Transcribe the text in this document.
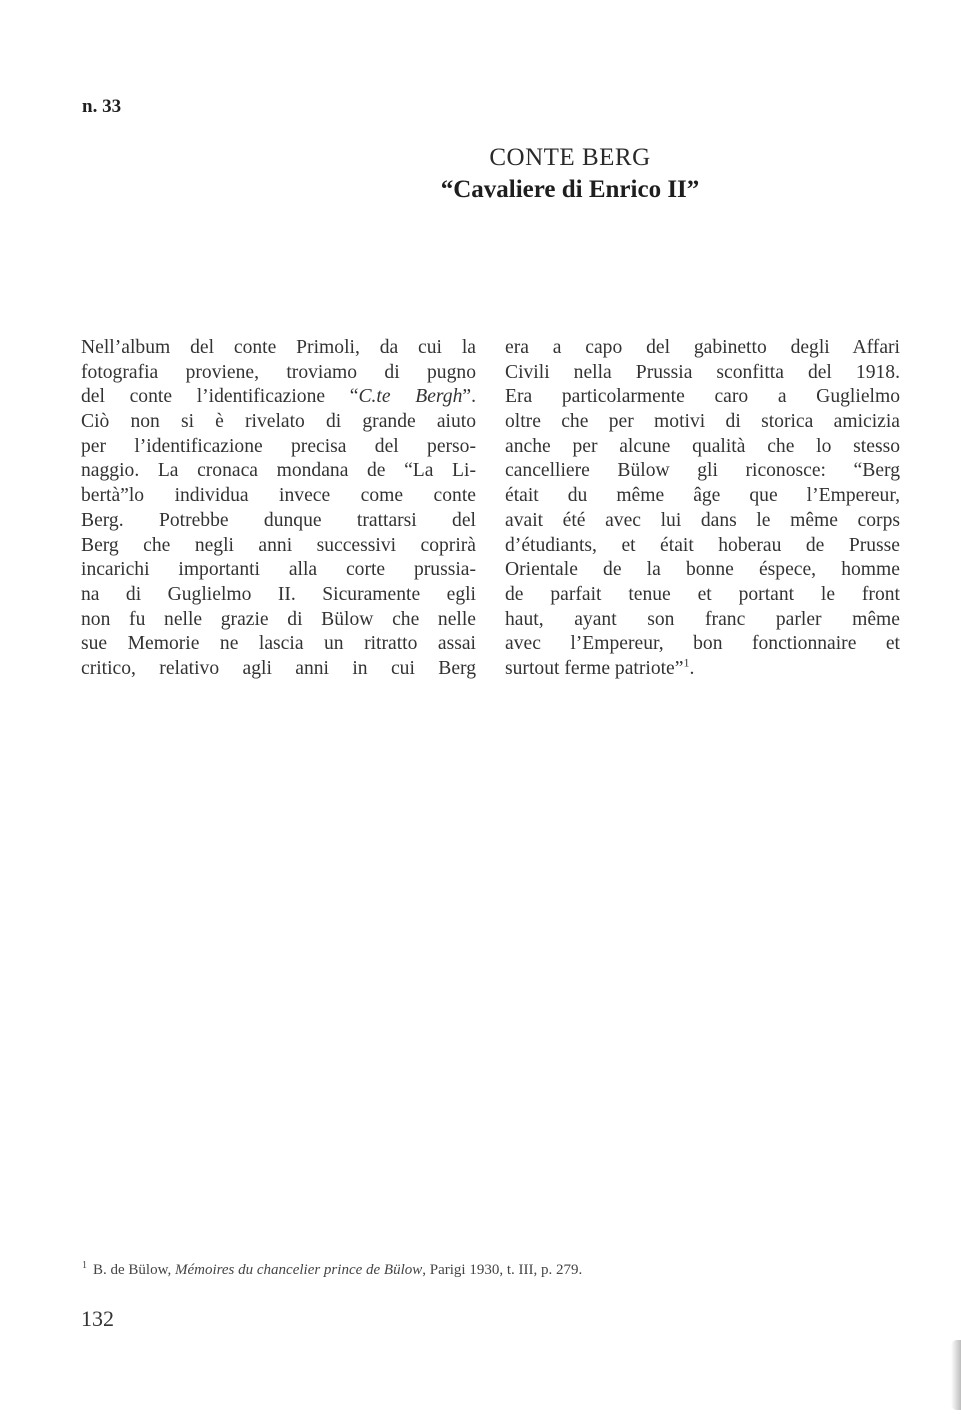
n. 33
CONTE BERG
“Cavaliere di Enrico II”
Nell’album del conte Primoli, da cui la
fotografia proviene, troviamo di pugno
del conte l’identificazione “C.te Bergh”.
Ciò non si è rivelato di grande aiuto
per l’identificazione precisa del perso-
naggio. La cronaca mondana de “La Li-
bertà”lo individua invece come conte
Berg. Potrebbe dunque trattarsi del
Berg che negli anni successivi coprirà
incarichi importanti alla corte prussia-
na di Guglielmo II. Sicuramente egli
non fu nelle grazie di Bülow che nelle
sue Memorie ne lascia un ritratto assai
critico, relativo agli anni in cui Berg
era a capo del gabinetto degli Affari
Civili nella Prussia sconfitta del 1918.
Era particolarmente caro a Guglielmo
oltre che per motivi di storica amicizia
anche per alcune qualità che lo stesso
cancelliere Bülow gli riconosce: “Berg
était du même âge que l’Empereur,
avait été avec lui dans le même corps
d’étudiants, et était hoberau de Prusse
Orientale de la bonne éspece, homme
de parfait tenue et portant le front
haut, ayant son franc parler même
avec l’Empereur, bon fonctionnaire et
surtout ferme patriote”$^1$.
$^1$ B. de Bülow, Mémoires du chancelier prince de Bülow, Parigi 1930, t. III, p. 279.
132
